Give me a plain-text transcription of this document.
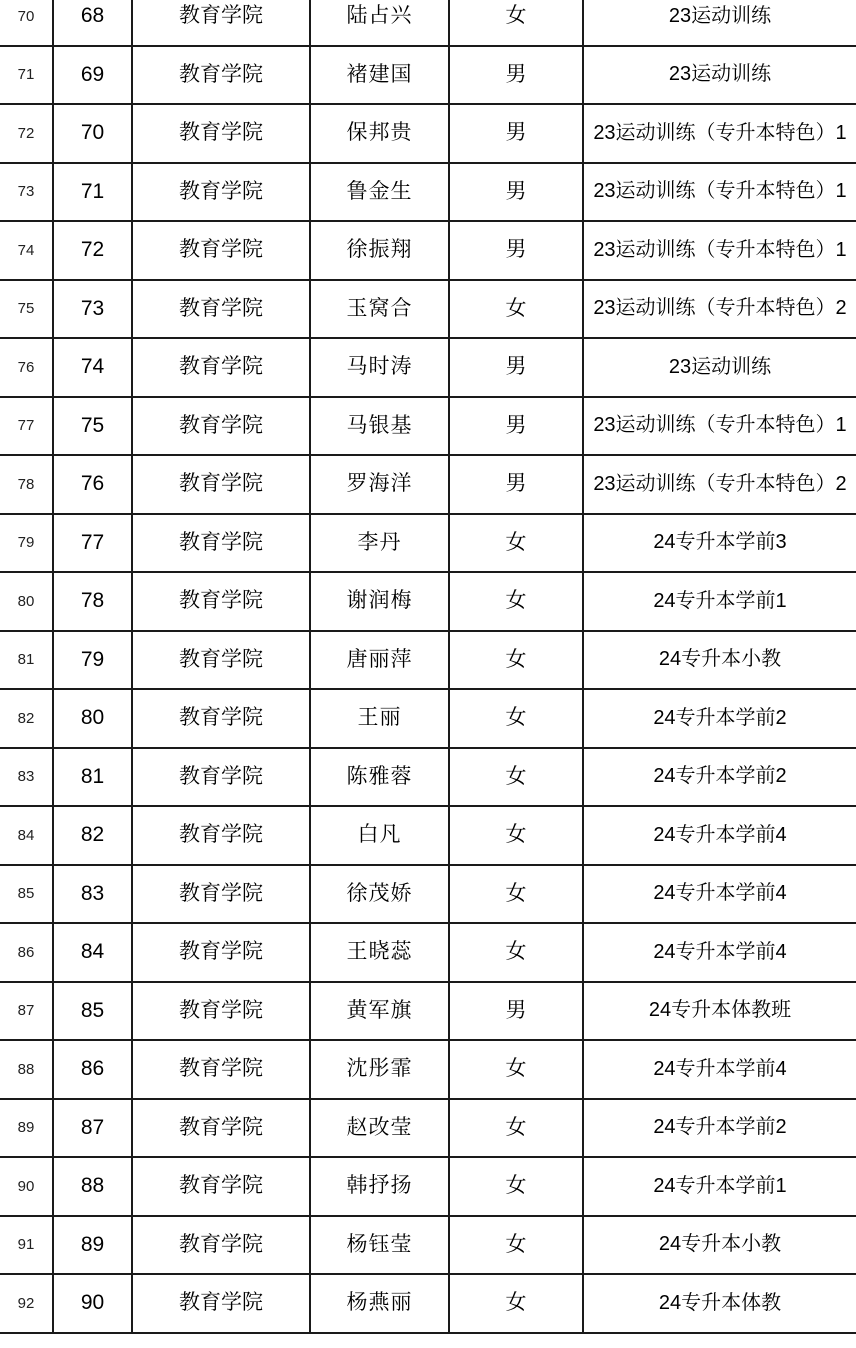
70	68	教育学院	陆占兴	女	23运动训练
71	69	教育学院	褚建国	男	23运动训练
72	70	教育学院	保邦贵	男	23运动训练（专升本特色）1
73	71	教育学院	鲁金生	男	23运动训练（专升本特色）1
74	72	教育学院	徐振翔	男	23运动训练（专升本特色）1
75	73	教育学院	玉窝合	女	23运动训练（专升本特色）2
76	74	教育学院	马时涛	男	23运动训练
77	75	教育学院	马银基	男	23运动训练（专升本特色）1
78	76	教育学院	罗海洋	男	23运动训练（专升本特色）2
79	77	教育学院	李丹	女	24专升本学前3
80	78	教育学院	谢润梅	女	24专升本学前1
81	79	教育学院	唐丽萍	女	24专升本小教
82	80	教育学院	王丽	女	24专升本学前2
83	81	教育学院	陈雅蓉	女	24专升本学前2
84	82	教育学院	白凡	女	24专升本学前4
85	83	教育学院	徐茂娇	女	24专升本学前4
86	84	教育学院	王晓蕊	女	24专升本学前4
87	85	教育学院	黄军旗	男	24专升本体教班
88	86	教育学院	沈彤霏	女	24专升本学前4
89	87	教育学院	赵改莹	女	24专升本学前2
90	88	教育学院	韩抒扬	女	24专升本学前1
91	89	教育学院	杨钰莹	女	24专升本小教
92	90	教育学院	杨燕丽	女	24专升本体教
